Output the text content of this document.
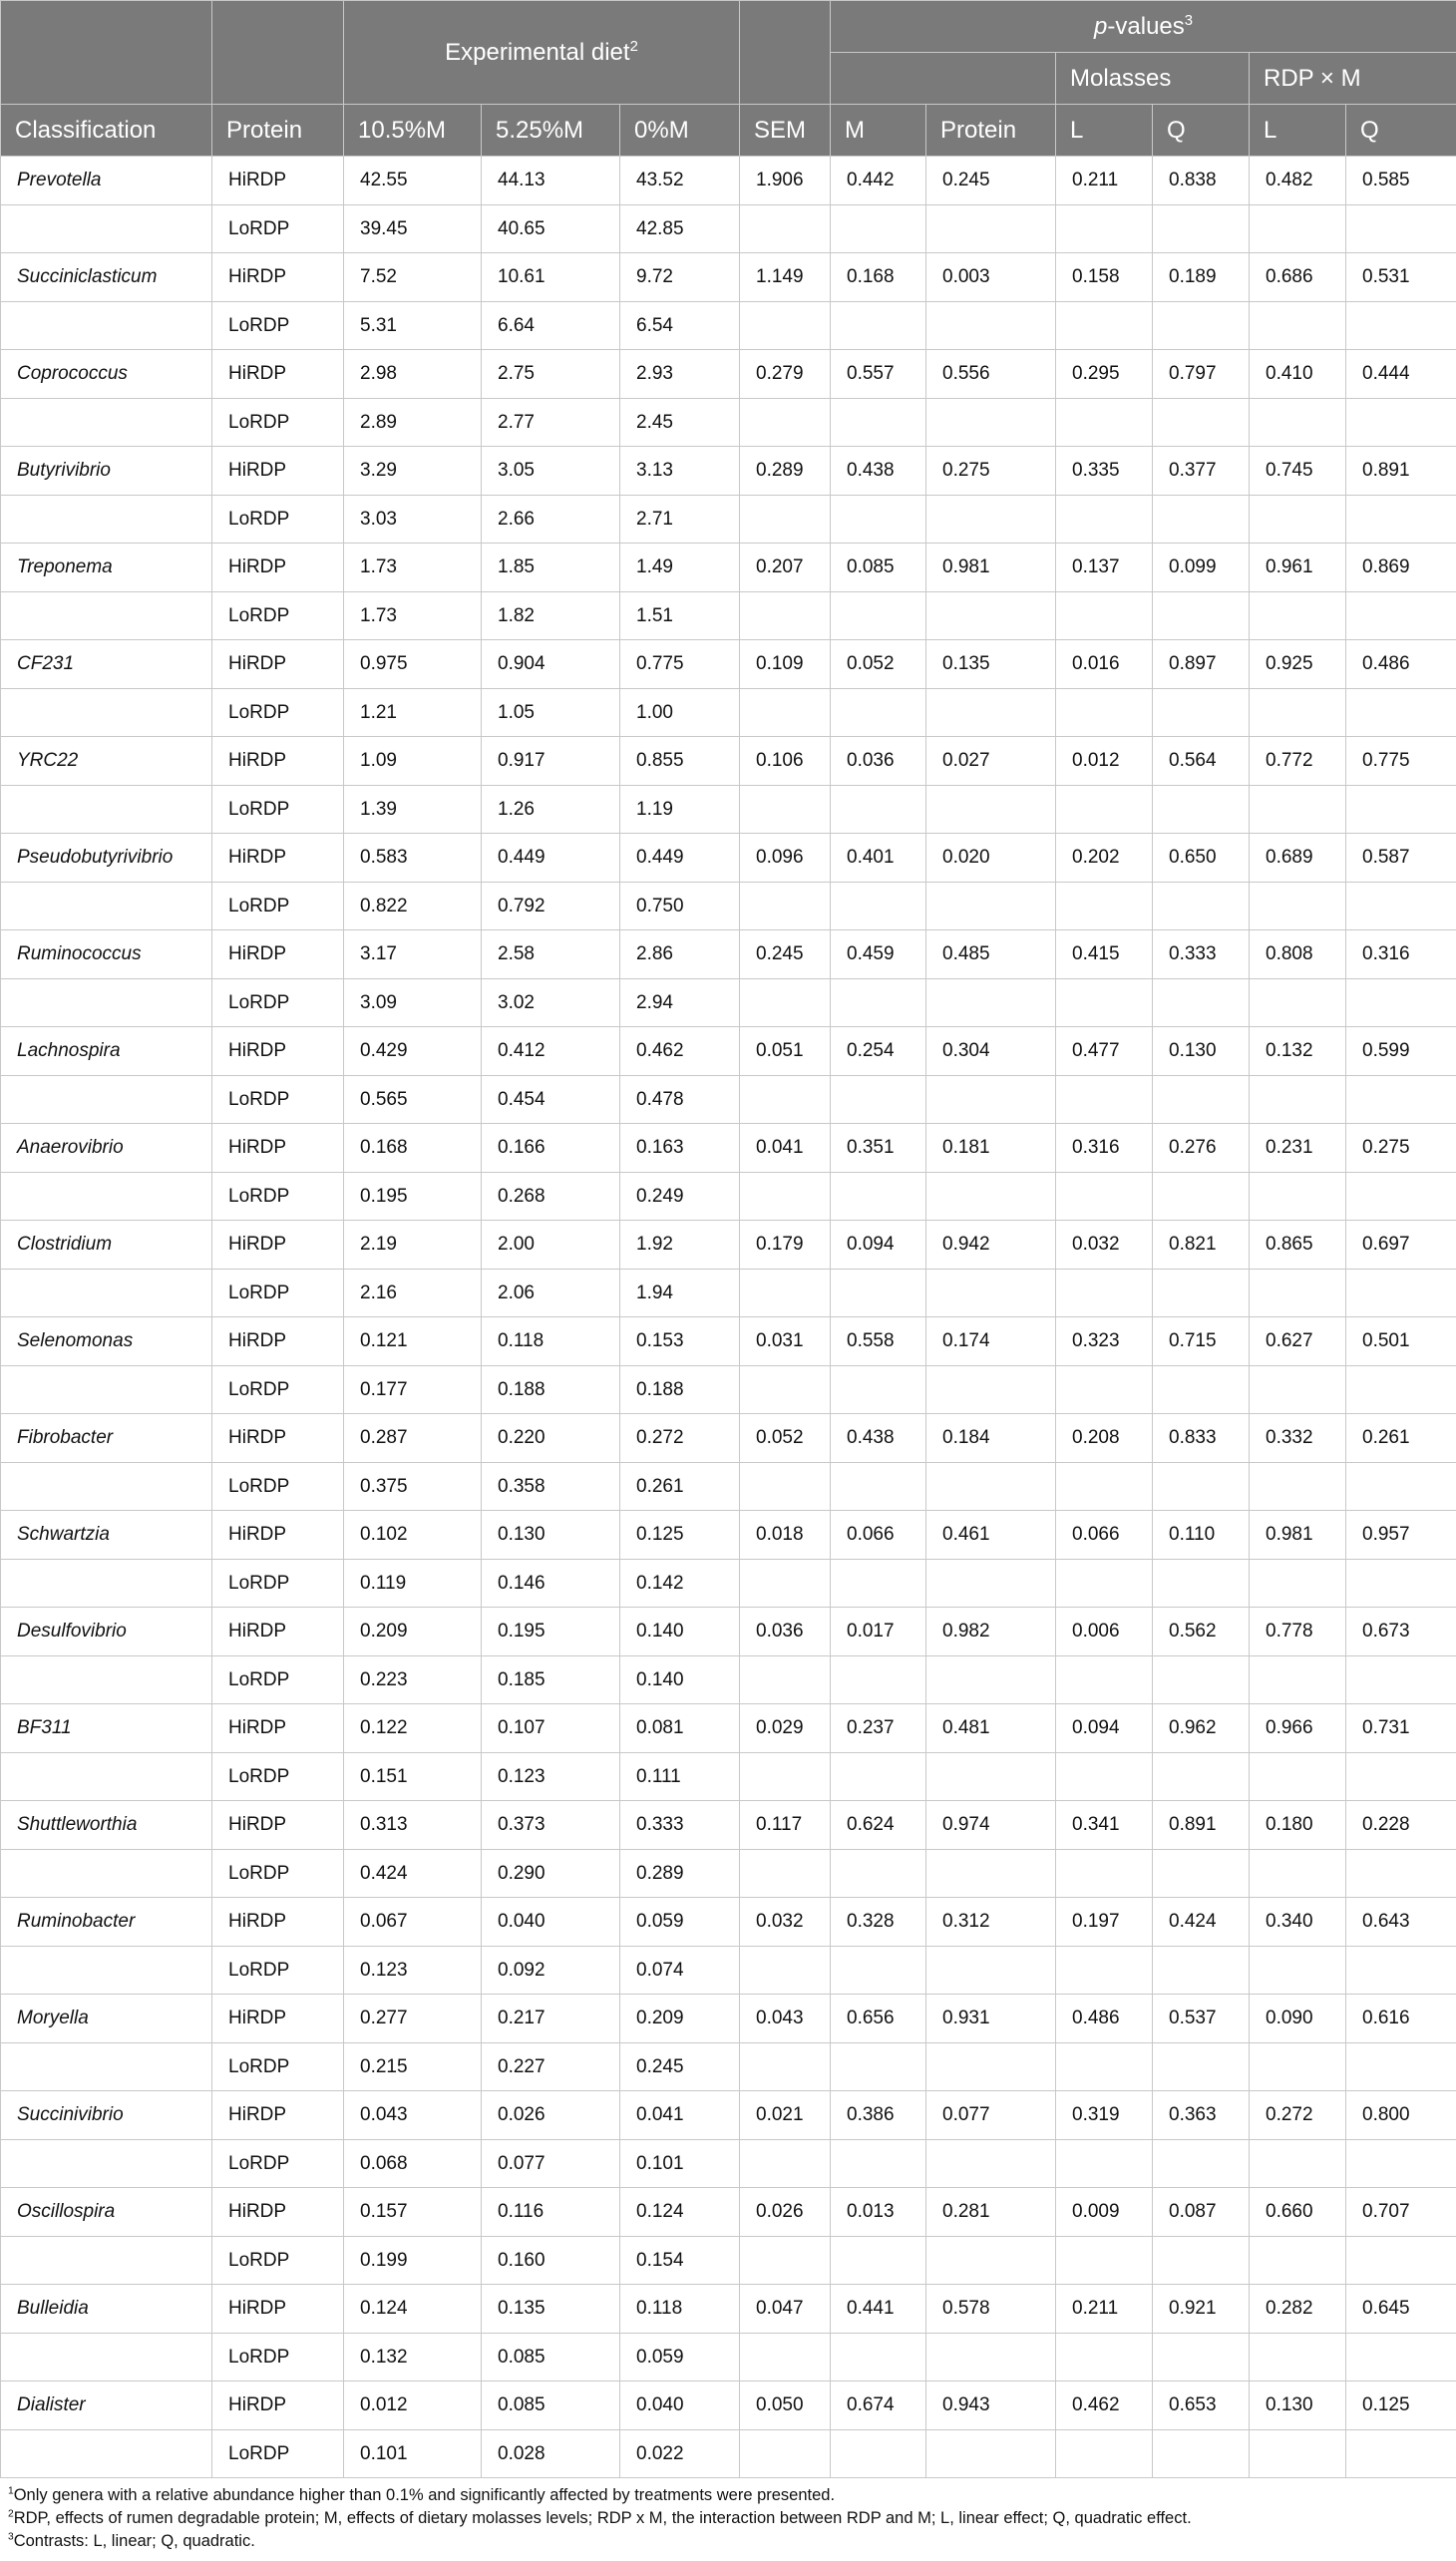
		Experimental diet$^2$				p-values$^3$
								Molasses		RDP × M	
Classification	Protein	10.5%M	5.25%M	0%M	SEM	M	Protein	L	Q	L	Q
Prevotella	HiRDP	42.55	44.13	43.52	1.906	0.442	0.245	0.211	0.838	0.482	0.585
	LoRDP	39.45	40.65	42.85							
Succiniclasticum	HiRDP	7.52	10.61	9.72	1.149	0.168	0.003	0.158	0.189	0.686	0.531
	LoRDP	5.31	6.64	6.54							
Coprococcus	HiRDP	2.98	2.75	2.93	0.279	0.557	0.556	0.295	0.797	0.410	0.444
	LoRDP	2.89	2.77	2.45							
Butyrivibrio	HiRDP	3.29	3.05	3.13	0.289	0.438	0.275	0.335	0.377	0.745	0.891
	LoRDP	3.03	2.66	2.71							
Treponema	HiRDP	1.73	1.85	1.49	0.207	0.085	0.981	0.137	0.099	0.961	0.869
	LoRDP	1.73	1.82	1.51							
CF231	HiRDP	0.975	0.904	0.775	0.109	0.052	0.135	0.016	0.897	0.925	0.486
	LoRDP	1.21	1.05	1.00							
YRC22	HiRDP	1.09	0.917	0.855	0.106	0.036	0.027	0.012	0.564	0.772	0.775
	LoRDP	1.39	1.26	1.19							
Pseudobutyrivibrio	HiRDP	0.583	0.449	0.449	0.096	0.401	0.020	0.202	0.650	0.689	0.587
	LoRDP	0.822	0.792	0.750							
Ruminococcus	HiRDP	3.17	2.58	2.86	0.245	0.459	0.485	0.415	0.333	0.808	0.316
	LoRDP	3.09	3.02	2.94							
Lachnospira	HiRDP	0.429	0.412	0.462	0.051	0.254	0.304	0.477	0.130	0.132	0.599
	LoRDP	0.565	0.454	0.478							
Anaerovibrio	HiRDP	0.168	0.166	0.163	0.041	0.351	0.181	0.316	0.276	0.231	0.275
	LoRDP	0.195	0.268	0.249							
Clostridium	HiRDP	2.19	2.00	1.92	0.179	0.094	0.942	0.032	0.821	0.865	0.697
	LoRDP	2.16	2.06	1.94							
Selenomonas	HiRDP	0.121	0.118	0.153	0.031	0.558	0.174	0.323	0.715	0.627	0.501
	LoRDP	0.177	0.188	0.188							
Fibrobacter	HiRDP	0.287	0.220	0.272	0.052	0.438	0.184	0.208	0.833	0.332	0.261
	LoRDP	0.375	0.358	0.261							
Schwartzia	HiRDP	0.102	0.130	0.125	0.018	0.066	0.461	0.066	0.110	0.981	0.957
	LoRDP	0.119	0.146	0.142							
Desulfovibrio	HiRDP	0.209	0.195	0.140	0.036	0.017	0.982	0.006	0.562	0.778	0.673
	LoRDP	0.223	0.185	0.140							
BF311	HiRDP	0.122	0.107	0.081	0.029	0.237	0.481	0.094	0.962	0.966	0.731
	LoRDP	0.151	0.123	0.111							
Shuttleworthia	HiRDP	0.313	0.373	0.333	0.117	0.624	0.974	0.341	0.891	0.180	0.228
	LoRDP	0.424	0.290	0.289							
Ruminobacter	HiRDP	0.067	0.040	0.059	0.032	0.328	0.312	0.197	0.424	0.340	0.643
	LoRDP	0.123	0.092	0.074							
Moryella	HiRDP	0.277	0.217	0.209	0.043	0.656	0.931	0.486	0.537	0.090	0.616
	LoRDP	0.215	0.227	0.245							
Succinivibrio	HiRDP	0.043	0.026	0.041	0.021	0.386	0.077	0.319	0.363	0.272	0.800
	LoRDP	0.068	0.077	0.101							
Oscillospira	HiRDP	0.157	0.116	0.124	0.026	0.013	0.281	0.009	0.087	0.660	0.707
	LoRDP	0.199	0.160	0.154							
Bulleidia	HiRDP	0.124	0.135	0.118	0.047	0.441	0.578	0.211	0.921	0.282	0.645
	LoRDP	0.132	0.085	0.059							
Dialister	HiRDP	0.012	0.085	0.040	0.050	0.674	0.943	0.462	0.653	0.130	0.125
	LoRDP	0.101	0.028	0.022							
$^1$Only genera with a relative abundance higher than 0.1% and significantly affected by treatments were presented.
$^2$RDP, effects of rumen degradable protein; M, effects of dietary molasses levels; RDP x M, the interaction between RDP and M; L, linear effect; Q, quadratic effect.
$^3$Contrasts: L, linear; Q, quadratic.
